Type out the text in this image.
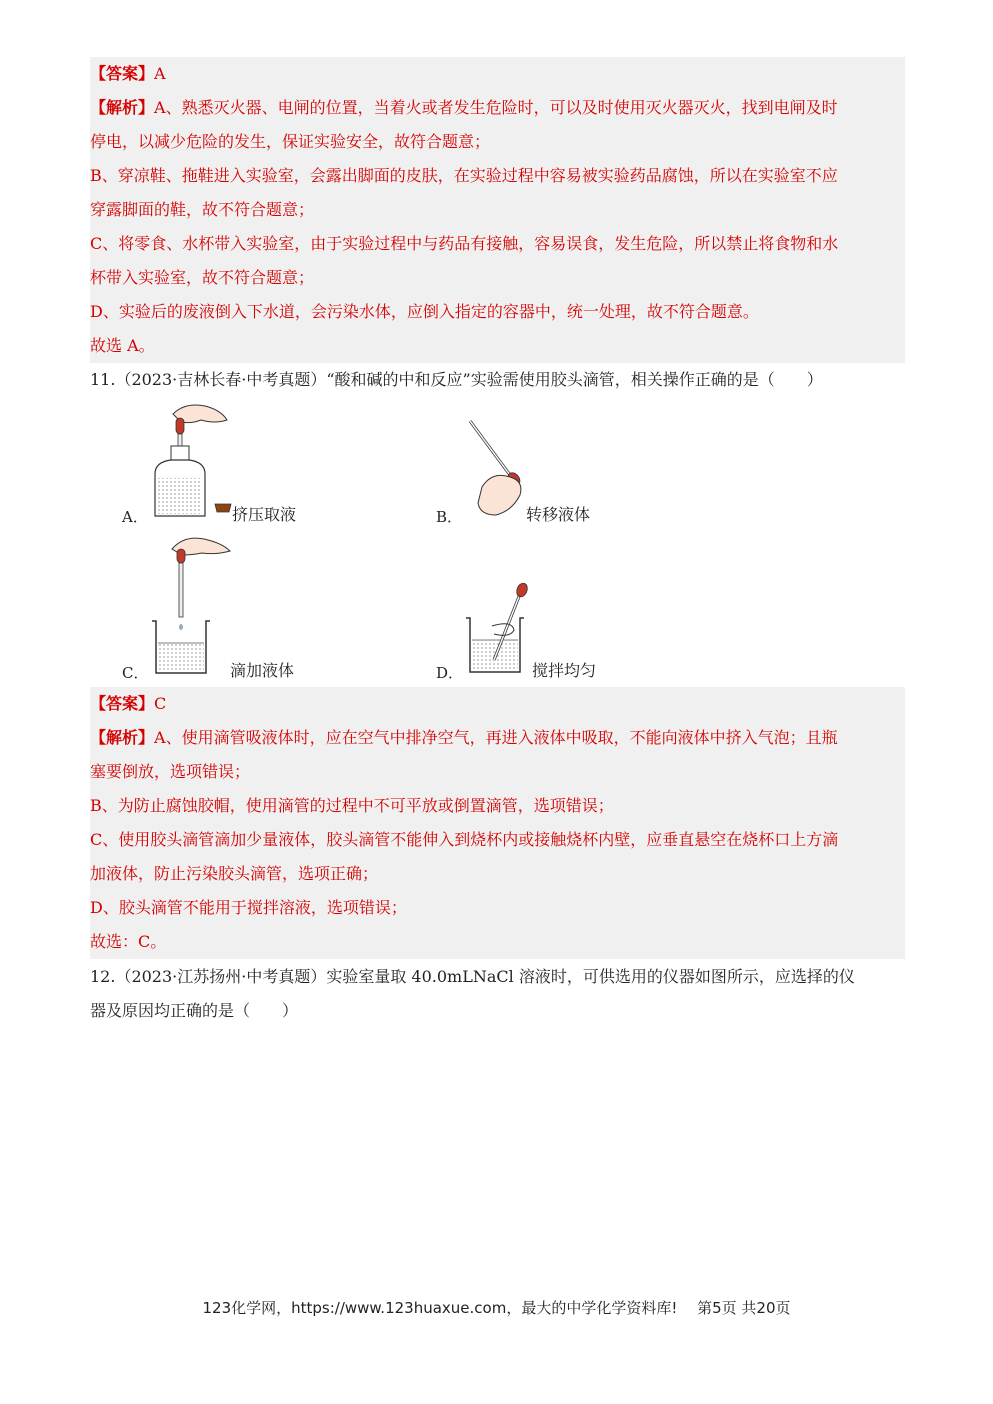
【答案】A
【解析】A、熟悉灭火器、电闸的位置，当着火或者发生危险时，可以及时使用灭火器灭火，找到电闸及时
停电，以减少危险的发生，保证实验安全，故符合题意；
B、穿凉鞋、拖鞋进入实验室，会露出脚面的皮肤，在实验过程中容易被实验药品腐蚀，所以在实验室不应
穿露脚面的鞋，故不符合题意；
C、将零食、水杯带入实验室，由于实验过程中与药品有接触，容易误食，发生危险，所以禁止将食物和水
杯带入实验室，故不符合题意；
D、实验后的废液倒入下水道，会污染水体，应倒入指定的容器中，统一处理，故不符合题意。
故选 A。
11.（2023·吉林长春·中考真题）“酸和碱的中和反应”实验需使用胶头滴管，相关操作正确的是（　　）
A．	挤压取液	B．	转移液体
C．	滴加液体	D．	搅拌均匀
【答案】C
【解析】A、使用滴管吸液体时，应在空气中排净空气，再进入液体中吸取，不能向液体中挤入气泡；且瓶
塞要倒放，选项错误；
B、为防止腐蚀胶帽，使用滴管的过程中不可平放或倒置滴管，选项错误；
C、使用胶头滴管滴加少量液体，胶头滴管不能伸入到烧杯内或接触烧杯内壁，应垂直悬空在烧杯口上方滴
加液体，防止污染胶头滴管，选项正确；
D、胶头滴管不能用于搅拌溶液，选项错误；
故选：C。
12.（2023·江苏扬州·中考真题）实验室量取 40.0mLNaCl 溶液时，可供选用的仪器如图所示，应选择的仪
器及原因均正确的是（　　）
123化学网，https://www.123huaxue.com，最大的中学化学资料库!　 第5页 共20页
